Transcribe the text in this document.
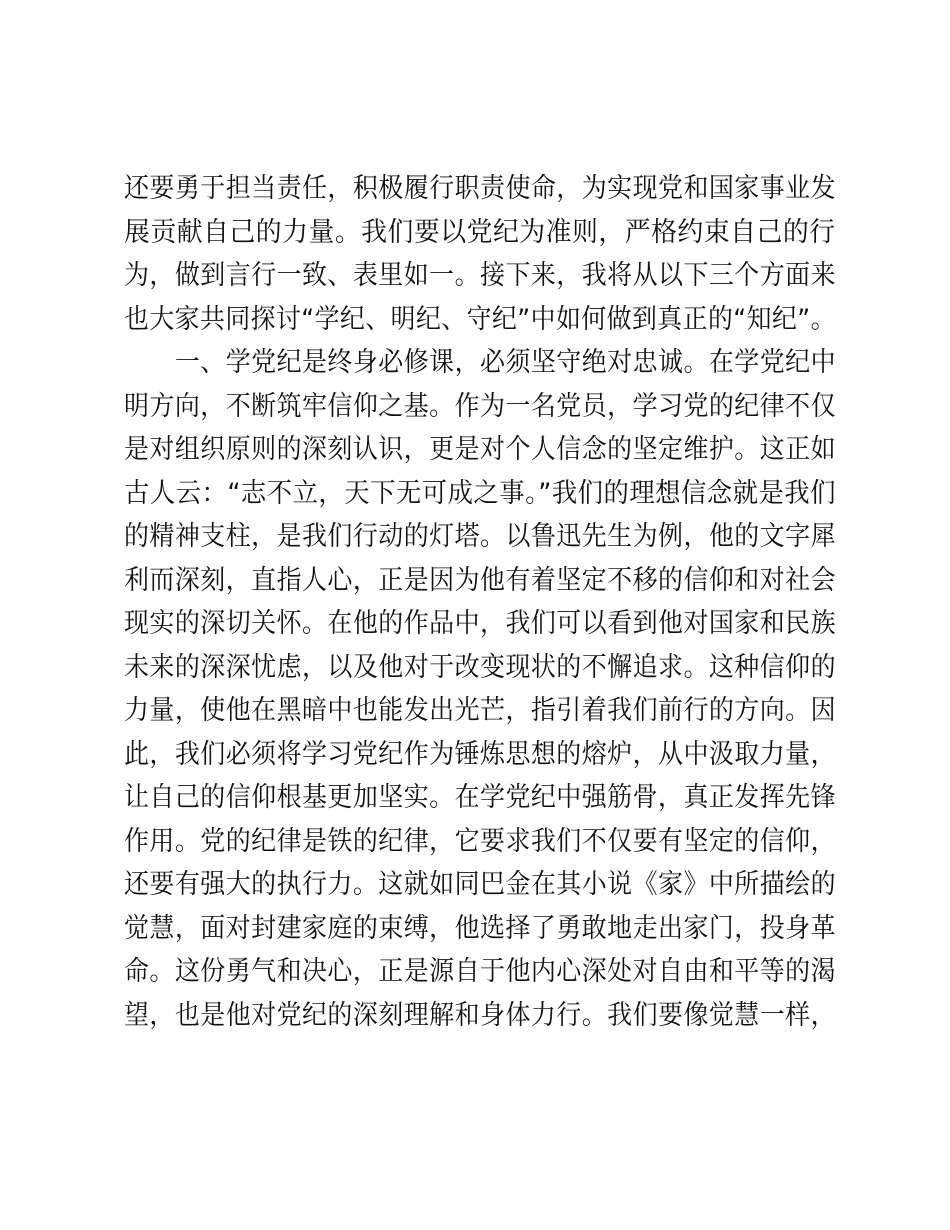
还要勇于担当责任，积极履行职责使命，为实现党和国家事业发
展贡献自己的力量。我们要以党纪为准则，严格约束自己的行
为，做到言行一致、表里如一。接下来，我将从以下三个方面来
也大家共同探讨“学纪、明纪、守纪”中如何做到真正的“知纪”。
　　一、学党纪是终身必修课，必须坚守绝对忠诚。在学党纪中
明方向，不断筑牢信仰之基。作为一名党员，学习党的纪律不仅
是对组织原则的深刻认识，更是对个人信念的坚定维护。这正如
古人云：“志不立，天下无可成之事。”我们的理想信念就是我们
的精神支柱，是我们行动的灯塔。以鲁迅先生为例，他的文字犀
利而深刻，直指人心，正是因为他有着坚定不移的信仰和对社会
现实的深切关怀。在他的作品中，我们可以看到他对国家和民族
未来的深深忧虑，以及他对于改变现状的不懈追求。这种信仰的
力量，使他在黑暗中也能发出光芒，指引着我们前行的方向。因
此，我们必须将学习党纪作为锤炼思想的熔炉，从中汲取力量，
让自己的信仰根基更加坚实。在学党纪中强筋骨，真正发挥先锋
作用。党的纪律是铁的纪律，它要求我们不仅要有坚定的信仰，
还要有强大的执行力。这就如同巴金在其小说《家》中所描绘的
觉慧，面对封建家庭的束缚，他选择了勇敢地走出家门，投身革
命。这份勇气和决心，正是源自于他内心深处对自由和平等的渴
望，也是他对党纪的深刻理解和身体力行。我们要像觉慧一样，
